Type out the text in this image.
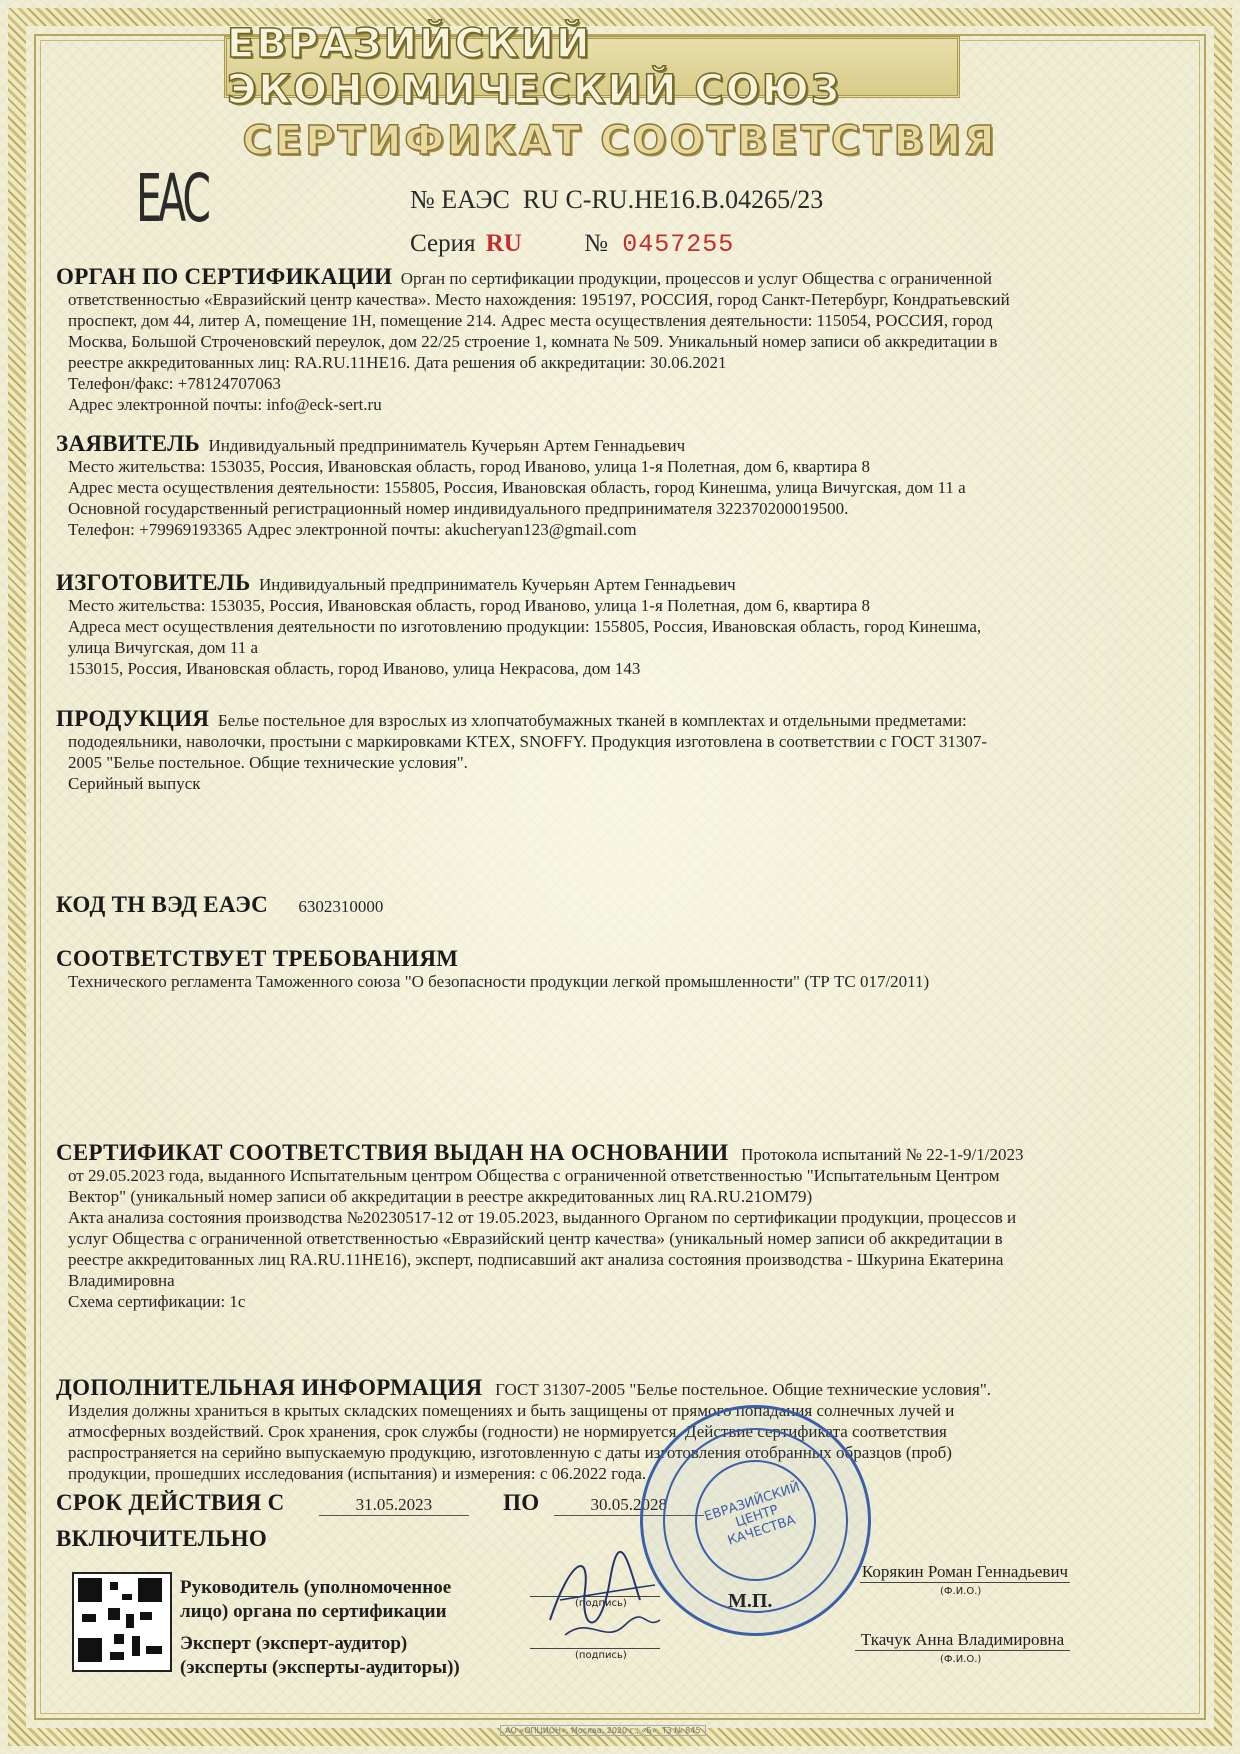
ЕВРАЗИЙСКИЙ ЭКОНОМИЧЕСКИЙ СОЮЗ
СЕРТИФИКАТ СООТВЕТСТВИЯ
ЕАС	№ ЕАЭС RU C-RU.HE16.B.04265/23
Серия RU № 0457255

ОРГАН ПО СЕРТИФИКАЦИИ Орган по сертификации продукции, процессов и услуг Общества с ограниченной

ответственностью «Евразийский центр качества». Место нахождения: 195197, РОССИЯ, город Санкт-Петербург, Кондратьевский

проспект, дом 44, литер А, помещение 1Н, помещение 214. Адрес места осуществления деятельности: 115054, РОССИЯ, город

Москва, Большой Строченовский переулок, дом 22/25 строение 1, комната № 509. Уникальный номер записи об аккредитации в

реестре аккредитованных лиц: RA.RU.11HE16. Дата решения об аккредитации: 30.06.2021

Телефон/факс: +78124707063

Адрес электронной почты: info@eck-sert.ru

ЗАЯВИТЕЛЬ Индивидуальный предприниматель Кучерьян Артем Геннадьевич

Место жительства: 153035, Россия, Ивановская область, город Иваново, улица 1-я Полетная, дом 6, квартира 8

Адрес места осуществления деятельности: 155805, Россия, Ивановская область, город Кинешма, улица Вичугская, дом 11 а

Основной государственный регистрационный номер индивидуального предпринимателя 322370200019500.

Телефон: +79969193365 Адрес электронной почты: akucheryan123@gmail.com

ИЗГОТОВИТЕЛЬ Индивидуальный предприниматель Кучерьян Артем Геннадьевич

Место жительства: 153035, Россия, Ивановская область, город Иваново, улица 1-я Полетная, дом 6, квартира 8

Адреса мест осуществления деятельности по изготовлению продукции: 155805, Россия, Ивановская область, город Кинешма,

улица Вичугская, дом 11 а

153015, Россия, Ивановская область, город Иваново, улица Некрасова, дом 143

ПРОДУКЦИЯ Белье постельное для взрослых из хлопчатобумажных тканей в комплектах и отдельными предметами:

пододеяльники, наволочки, простыни с маркировками KTEX, SNOFFY. Продукция изготовлена в соответствии с ГОСТ 31307-

2005 "Белье постельное. Общие технические условия".

Серийный выпуск

КОД ТН ВЭД ЕАЭС 6302310000

СООТВЕТСТВУЕТ ТРЕБОВАНИЯМ

Технического регламента Таможенного союза "О безопасности продукции легкой промышленности" (ТР ТС 017/2011)

СЕРТИФИКАТ СООТВЕТСТВИЯ ВЫДАН НА ОСНОВАНИИ Протокола испытаний № 22-1-9/1/2023

от 29.05.2023 года, выданного Испытательным центром Общества с ограниченной ответственностью "Испытательным Центром

Вектор" (уникальный номер записи об аккредитации в реестре аккредитованных лиц RA.RU.21OM79)

Акта анализа состояния производства №20230517-12 от 19.05.2023, выданного Органом по сертификации продукции, процессов и

услуг Общества с ограниченной ответственностью «Евразийский центр качества» (уникальный номер записи об аккредитации в

реестре аккредитованных лиц RA.RU.11HE16), эксперт, подписавший акт анализа состояния производства - Шкурина Екатерина

Владимировна

Схема сертификации: 1с

ДОПОЛНИТЕЛЬНАЯ ИНФОРМАЦИЯ ГОСТ 31307-2005 "Белье постельное. Общие технические условия".

Изделия должны храниться в крытых складских помещениях и быть защищены от прямого попадания солнечных лучей и

атмосферных воздействий. Срок хранения, срок службы (годности) не нормируется. Действие сертификата соответствия

распространяется на серийно выпускаемую продукцию, изготовленную с даты изготовления отобранных образцов (проб)

продукции, прошедших исследования (испытания) и измерения: с 06.2022 года.

СРОК ДЕЙСТВИЯ С	31.05.2023	ПО	30.05.2028

ВКЛЮЧИТЕЛЬНО

Руководитель (уполномоченное
лицо) органа по сертификации
Эксперт (эксперт-аудитор)
(эксперты (эксперты-аудиторы))
(подпись)
(подпись)
М.П.
ЕВРАЗИЙСКИЙ ЦЕНТР КАЧЕСТВА
Корякин Роман Геннадьевич
(Ф.И.О.)
Ткачук Анна Владимировна
(Ф.И.О.)
АО «ОПЦИОН», Москва, 2020 г., «Б», ТЗ № 845
